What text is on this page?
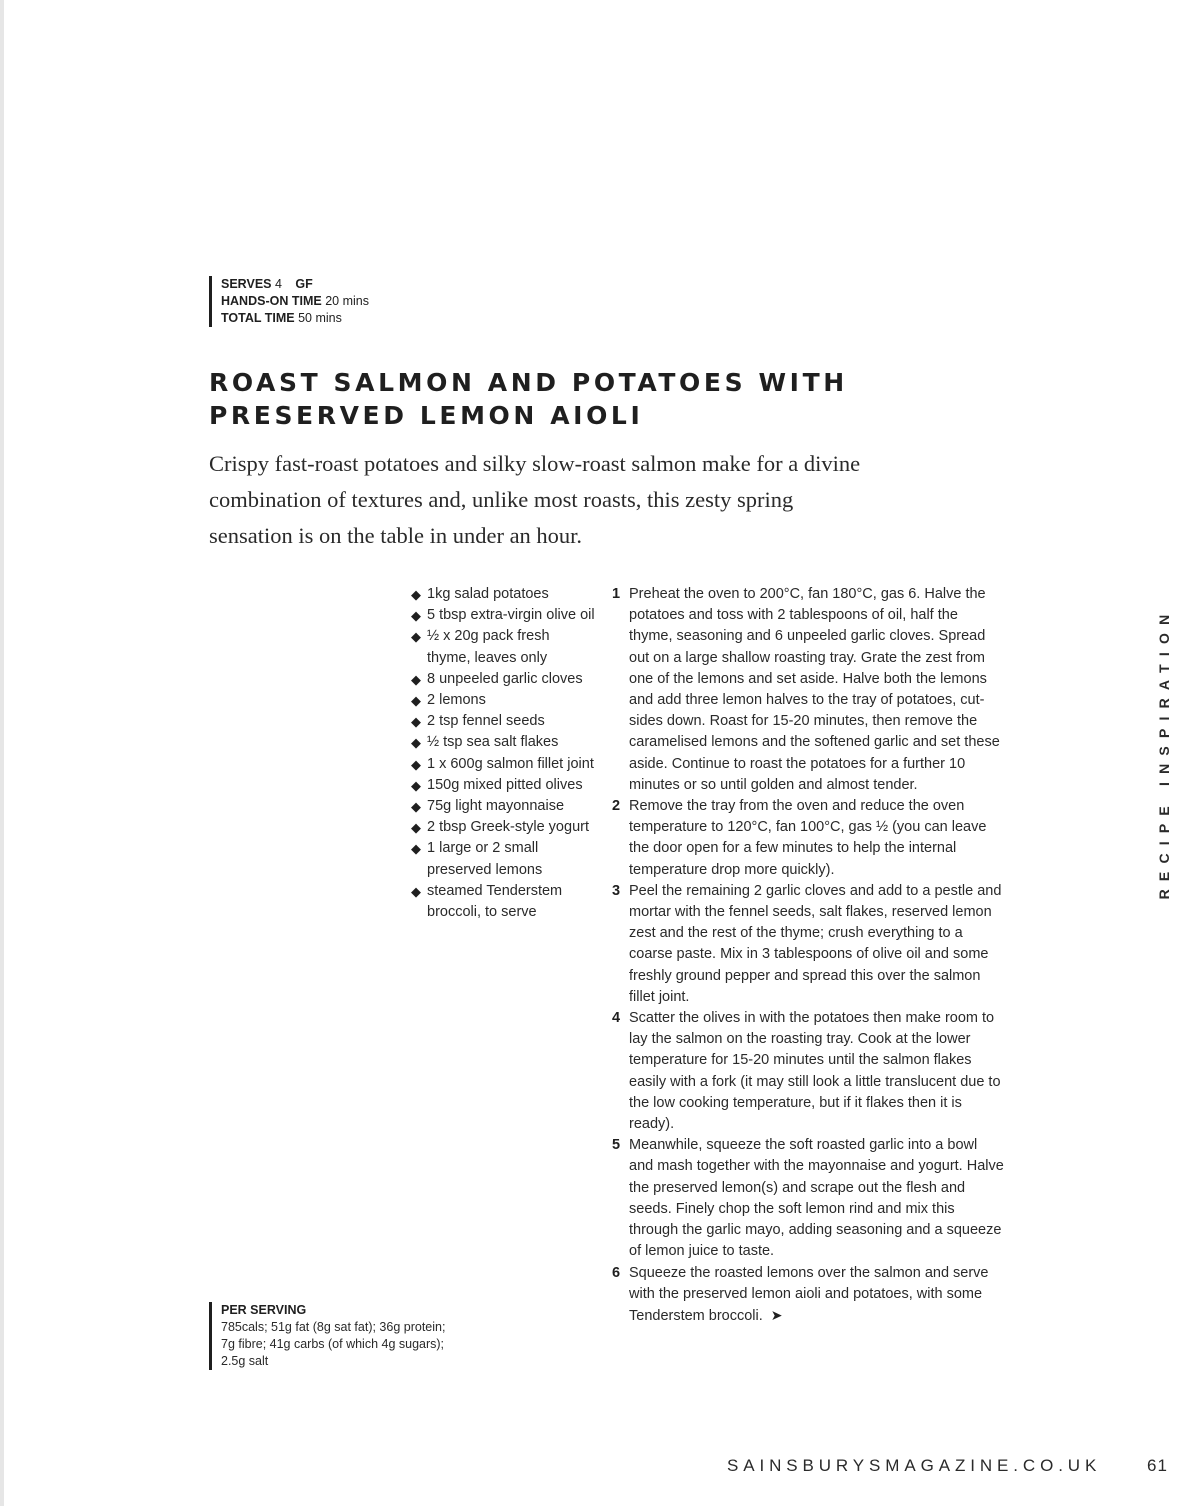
SERVES 4 GF
HANDS-ON TIME 20 mins
TOTAL TIME 50 mins
ROAST SALMON AND POTATOES WITH
PRESERVED LEMON AIOLI

Crispy fast-roast potatoes and silky slow-roast salmon make for a divine combination of textures and, unlike most roasts, this zesty spring sensation is on the table in under an hour.

◆ 1kg salad potatoes
◆ 5 tbsp extra-virgin olive oil
◆ ½ x 20g pack fresh thyme, leaves only
◆ 8 unpeeled garlic cloves
◆ 2 lemons
◆ 2 tsp fennel seeds
◆ ½ tsp sea salt flakes
◆ 1 x 600g salmon fillet joint
◆ 150g mixed pitted olives
◆ 75g light mayonnaise
◆ 2 tbsp Greek-style yogurt
◆ 1 large or 2 small preserved lemons
◆ steamed Tenderstem broccoli, to serve
1 Preheat the oven to 200°C, fan 180°C, gas 6. Halve the potatoes and toss with 2 tablespoons of oil, half the thyme, seasoning and 6 unpeeled garlic cloves. Spread out on a large shallow roasting tray. Grate the zest from one of the lemons and set aside. Halve both the lemons and add three lemon halves to the tray of potatoes, cut-sides down. Roast for 15-20 minutes, then remove the caramelised lemons and the softened garlic and set these aside. Continue to roast the potatoes for a further 10 minutes or so until golden and almost tender.
2 Remove the tray from the oven and reduce the oven temperature to 120°C, fan 100°C, gas ½ (you can leave the door open for a few minutes to help the internal temperature drop more quickly).
3 Peel the remaining 2 garlic cloves and add to a pestle and mortar with the fennel seeds, salt flakes, reserved lemon zest and the rest of the thyme; crush everything to a coarse paste. Mix in 3 tablespoons of olive oil and some freshly ground pepper and spread this over the salmon fillet joint.
4 Scatter the olives in with the potatoes then make room to lay the salmon on the roasting tray. Cook at the lower temperature for 15-20 minutes until the salmon flakes easily with a fork (it may still look a little translucent due to the low cooking temperature, but if it flakes then it is ready).
5 Meanwhile, squeeze the soft roasted garlic into a bowl and mash together with the mayonnaise and yogurt. Halve the preserved lemon(s) and scrape out the flesh and seeds. Finely chop the soft lemon rind and mix this through the garlic mayo, adding seasoning and a squeeze of lemon juice to taste.
6 Squeeze the roasted lemons over the salmon and serve with the preserved lemon aioli and potatoes, with some Tenderstem broccoli. ➤
PER SERVING
785cals; 51g fat (8g sat fat); 36g protein; 7g fibre; 41g carbs (of which 4g sugars); 2.5g salt
RECIPE INSPIRATION
SAINSBURYSMAGAZINE.CO.UK	61
